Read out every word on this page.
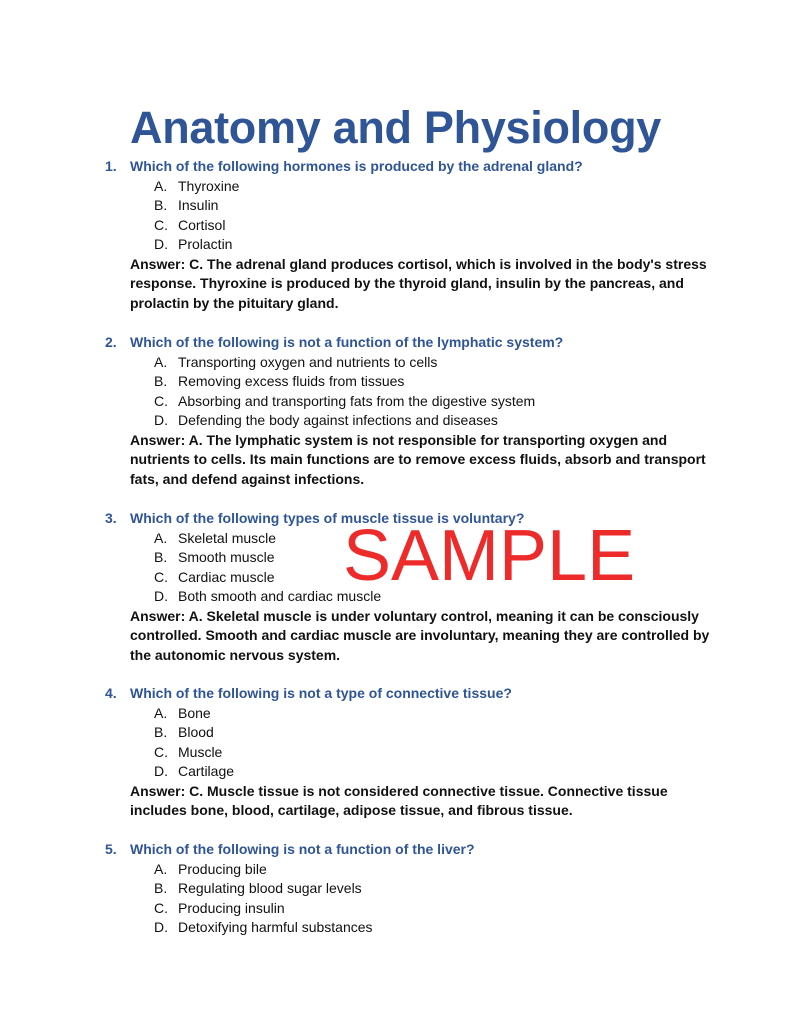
Anatomy and Physiology
1. Which of the following hormones is produced by the adrenal gland?
A. Thyroxine
B. Insulin
C. Cortisol
D. Prolactin
Answer: C. The adrenal gland produces cortisol, which is involved in the body's stress response. Thyroxine is produced by the thyroid gland, insulin by the pancreas, and prolactin by the pituitary gland.
2. Which of the following is not a function of the lymphatic system?
A. Transporting oxygen and nutrients to cells
B. Removing excess fluids from tissues
C. Absorbing and transporting fats from the digestive system
D. Defending the body against infections and diseases
Answer: A. The lymphatic system is not responsible for transporting oxygen and nutrients to cells. Its main functions are to remove excess fluids, absorb and transport fats, and defend against infections.
3. Which of the following types of muscle tissue is voluntary?
A. Skeletal muscle
B. Smooth muscle
C. Cardiac muscle
D. Both smooth and cardiac muscle
Answer: A. Skeletal muscle is under voluntary control, meaning it can be consciously controlled. Smooth and cardiac muscle are involuntary, meaning they are controlled by the autonomic nervous system.
4. Which of the following is not a type of connective tissue?
A. Bone
B. Blood
C. Muscle
D. Cartilage
Answer: C. Muscle tissue is not considered connective tissue. Connective tissue includes bone, blood, cartilage, adipose tissue, and fibrous tissue.
5. Which of the following is not a function of the liver?
A. Producing bile
B. Regulating blood sugar levels
C. Producing insulin
D. Detoxifying harmful substances
SAMPLE
